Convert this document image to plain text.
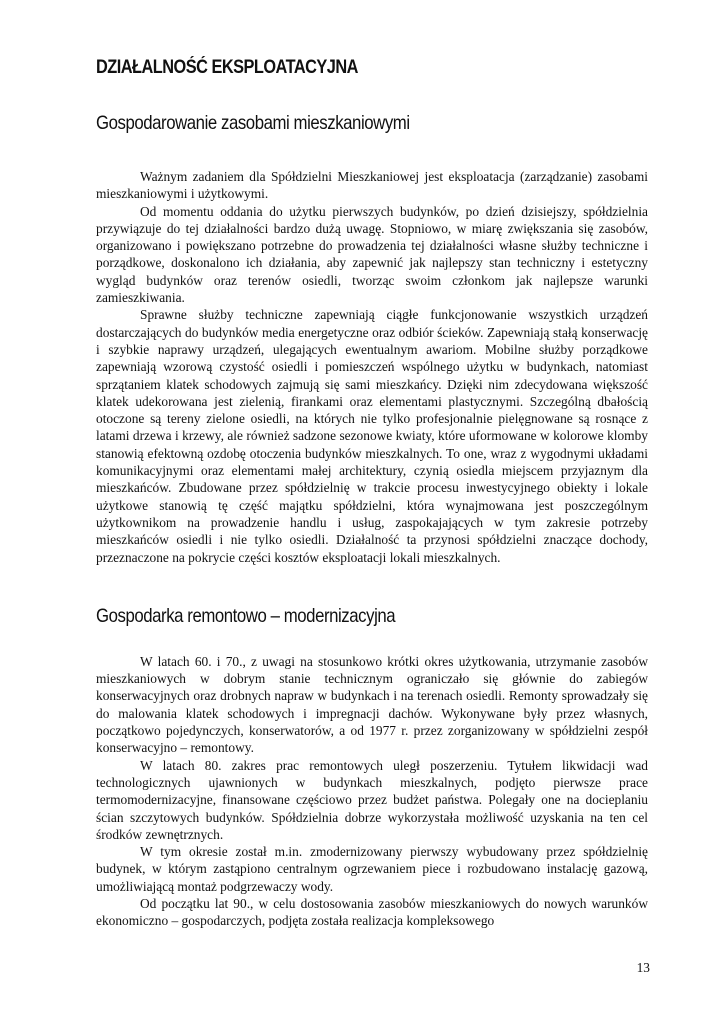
DZIAŁALNOŚĆ EKSPLOATACYJNA
Gospodarowanie zasobami mieszkaniowymi

Ważnym zadaniem dla Spółdzielni Mieszkaniowej jest eksploatacja (zarządzanie) zasobami mieszkaniowymi i użytkowymi.

Od momentu oddania do użytku pierwszych budynków, po dzień dzisiejszy, spółdzielnia przywiązuje do tej działalności bardzo dużą uwagę. Stopniowo, w miarę zwiększania się zasobów, organizowano i powiększano potrzebne do prowadzenia tej działalności własne służby techniczne i porządkowe, doskonalono ich działania, aby zapewnić jak najlepszy stan techniczny i estetyczny wygląd budynków oraz terenów osiedli, tworząc swoim członkom jak najlepsze warunki zamieszkiwania.

Sprawne służby techniczne zapewniają ciągłe funkcjonowanie wszystkich urządzeń dostarczających do budynków media energetyczne oraz odbiór ścieków. Zapewniają stałą konserwację i szybkie naprawy urządzeń, ulegających ewentualnym awariom. Mobilne służby porządkowe zapewniają wzorową czystość osiedli i pomieszczeń wspólnego użytku w budynkach, natomiast sprzątaniem klatek schodowych zajmują się sami mieszkańcy. Dzięki nim zdecydowana większość klatek udekorowana jest zielenią, firankami oraz elementami plastycznymi. Szczególną dbałością otoczone są tereny zielone osiedli, na których nie tylko profesjonalnie pielęgnowane są rosnące z latami drzewa i krzewy, ale również sadzone sezonowe kwiaty, które uformowane w kolorowe klomby stanowią efektowną ozdobę otoczenia budynków mieszkalnych. To one, wraz z wygodnymi układami komunikacyjnymi oraz elementami małej architektury, czynią osiedla miejscem przyjaznym dla mieszkańców. Zbudowane przez spółdzielnię w trakcie procesu inwestycyjnego obiekty i lokale użytkowe stanowią tę część majątku spółdzielni, która wynajmowana jest poszczególnym użytkownikom na prowadzenie handlu i usług, zaspokajających w tym zakresie potrzeby mieszkańców osiedli i nie tylko osiedli. Działalność ta przynosi spółdzielni znaczące dochody, przeznaczone na pokrycie części kosztów eksploatacji lokali mieszkalnych.

Gospodarka remontowo – modernizacyjna

W latach 60. i 70., z uwagi na stosunkowo krótki okres użytkowania, utrzymanie zasobów mieszkaniowych w dobrym stanie technicznym ograniczało się głównie do zabiegów konserwacyjnych oraz drobnych napraw w budynkach i na terenach osiedli. Remonty sprowadzały się do malowania klatek schodowych i impregnacji dachów. Wykonywane były przez własnych, początkowo pojedynczych, konserwatorów, a od 1977 r. przez zorganizowany w spółdzielni zespół konserwacyjno – remontowy.

W latach 80. zakres prac remontowych uległ poszerzeniu. Tytułem likwidacji wad technologicznych ujawnionych w budynkach mieszkalnych, podjęto pierwsze prace termomodernizacyjne, finansowane częściowo przez budżet państwa. Polegały one na docieplaniu ścian szczytowych budynków. Spółdzielnia dobrze wykorzystała możliwość uzyskania na ten cel środków zewnętrznych.

W tym okresie został m.in. zmodernizowany pierwszy wybudowany przez spółdzielnię budynek, w którym zastąpiono centralnym ogrzewaniem piece i rozbudowano instalację gazową, umożliwiającą montaż podgrzewaczy wody.

Od początku lat 90., w celu dostosowania zasobów mieszkaniowych do nowych warunków ekonomiczno – gospodarczych, podjęta została realizacja kompleksowego

13
